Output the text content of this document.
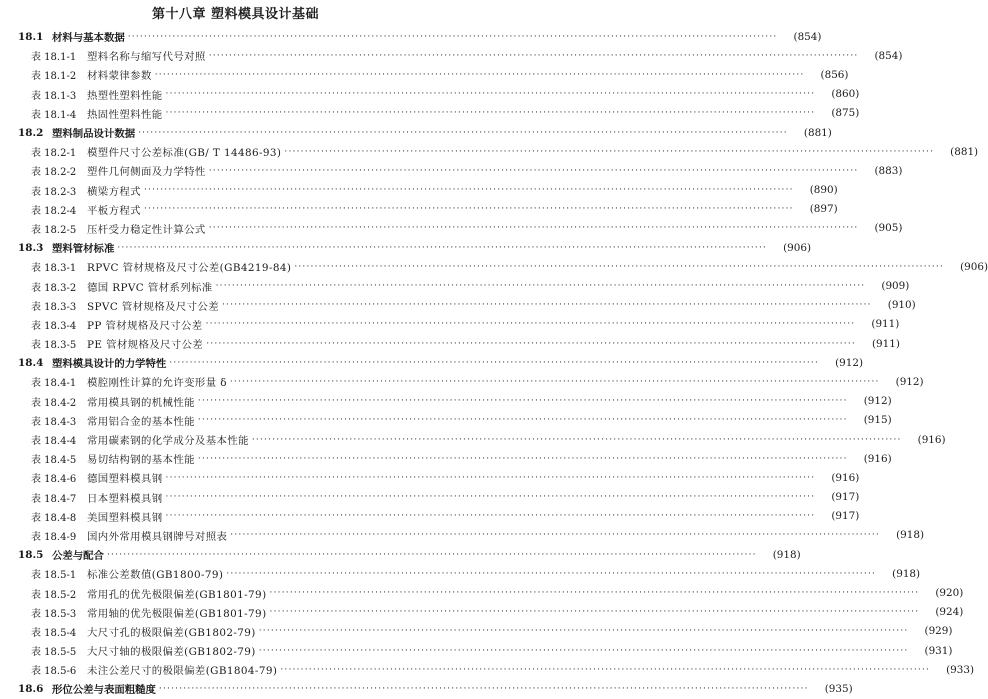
第十八章 塑料模具设计基础
18.1 材料与基本数据 ································································································································································	(854)
表 18.1-1	塑料名称与缩写代号对照 ································································································································································	(854)
表 18.1-2	材料蒙律参数 ································································································································································	(856)
表 18.1-3	热塑性塑料性能 ································································································································································	(860)
表 18.1-4	热固性塑料性能 ································································································································································	(875)
18.2 塑料制品设计数据 ································································································································································	(881)
表 18.2-1	模塑件尺寸公差标准(GB/ T 14486-93) ································································································································································	(881)
表 18.2-2	塑件几何侧面及力学特性 ································································································································································	(883)
表 18.2-3	横梁方程式 ································································································································································	(890)
表 18.2-4	平板方程式 ································································································································································	(897)
表 18.2-5	压杆受力稳定性计算公式 ································································································································································	(905)
18.3 塑料管材标准 ································································································································································	(906)
表 18.3-1	RPVC 管材规格及尺寸公差(GB4219-84) ································································································································································	(906)
表 18.3-2	德国 RPVC 管材系列标准 ································································································································································	(909)
表 18.3-3	SPVC 管材规格及尺寸公差 ································································································································································	(910)
表 18.3-4	PP 管材规格及尺寸公差 ································································································································································	(911)
表 18.3-5	PE 管材规格及尺寸公差 ································································································································································	(911)
18.4 塑料模具设计的力学特性 ································································································································································	(912)
表 18.4-1	模腔刚性计算的允许变形量 δ ································································································································································	(912)
表 18.4-2	常用模具钢的机械性能 ································································································································································	(912)
表 18.4-3	常用铝合金的基本性能 ································································································································································	(915)
表 18.4-4	常用碳素钢的化学成分及基本性能 ································································································································································	(916)
表 18.4-5	易切结构钢的基本性能 ································································································································································	(916)
表 18.4-6	德国塑料模具钢 ································································································································································	(916)
表 18.4-7	日本塑料模具钢 ································································································································································	(917)
表 18.4-8	美国塑料模具钢 ································································································································································	(917)
表 18.4-9	国内外常用模具钢牌号对照表 ································································································································································	(918)
18.5 公差与配合 ································································································································································	(918)
表 18.5-1	标准公差数值(GB1800-79) ································································································································································	(918)
表 18.5-2	常用孔的优先极限偏差(GB1801-79) ································································································································································	(920)
表 18.5-3	常用轴的优先极限偏差(GB1801-79) ································································································································································	(924)
表 18.5-4	大尺寸孔的极限偏差(GB1802-79) ································································································································································	(929)
表 18.5-5	大尺寸轴的极限偏差(GB1802-79) ································································································································································	(931)
表 18.5-6	未注公差尺寸的极限偏差(GB1804-79) ································································································································································	(933)
18.6 形位公差与表面粗糙度 ································································································································································	(935)
